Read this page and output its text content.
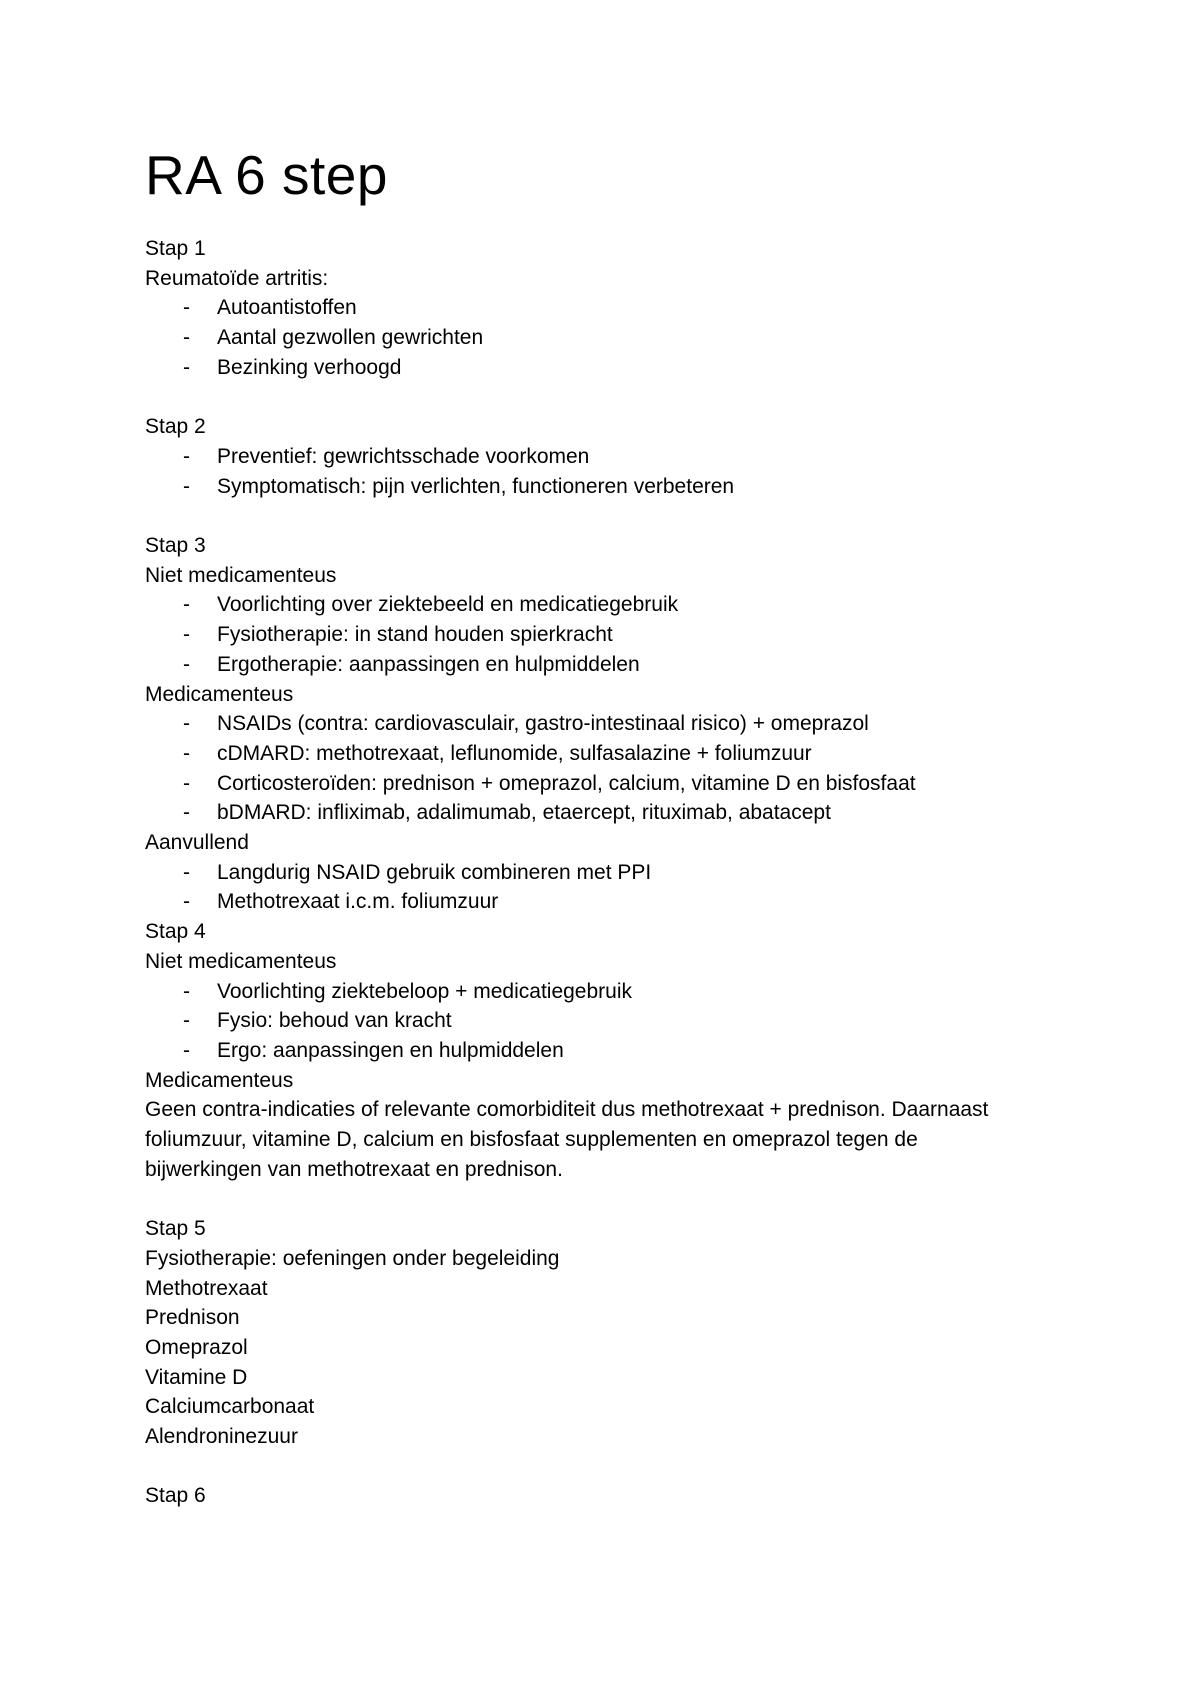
RA 6 step

Stap 1

Reumatoïde artritis:

- Autoantistoffen

- Aantal gezwollen gewrichten

- Bezinking verhoogd

Stap 2

- Preventief: gewrichtsschade voorkomen

- Symptomatisch: pijn verlichten, functioneren verbeteren

Stap 3

Niet medicamenteus

- Voorlichting over ziektebeeld en medicatiegebruik

- Fysiotherapie: in stand houden spierkracht

- Ergotherapie: aanpassingen en hulpmiddelen

Medicamenteus

- NSAIDs (contra: cardiovasculair, gastro-intestinaal risico) + omeprazol

- cDMARD: methotrexaat, leflunomide, sulfasalazine + foliumzuur

- Corticosteroïden: prednison + omeprazol, calcium, vitamine D en bisfosfaat

- bDMARD: infliximab, adalimumab, etaercept, rituximab, abatacept

Aanvullend

- Langdurig NSAID gebruik combineren met PPI

- Methotrexaat i.c.m. foliumzuur

Stap 4

Niet medicamenteus

- Voorlichting ziektebeloop + medicatiegebruik

- Fysio: behoud van kracht

- Ergo: aanpassingen en hulpmiddelen

Medicamenteus

Geen contra-indicaties of relevante comorbiditeit dus methotrexaat + prednison. Daarnaast

foliumzuur, vitamine D, calcium en bisfosfaat supplementen en omeprazol tegen de

bijwerkingen van methotrexaat en prednison.

Stap 5

Fysiotherapie: oefeningen onder begeleiding

Methotrexaat

Prednison

Omeprazol

Vitamine D

Calciumcarbonaat

Alendroninezuur

Stap 6
